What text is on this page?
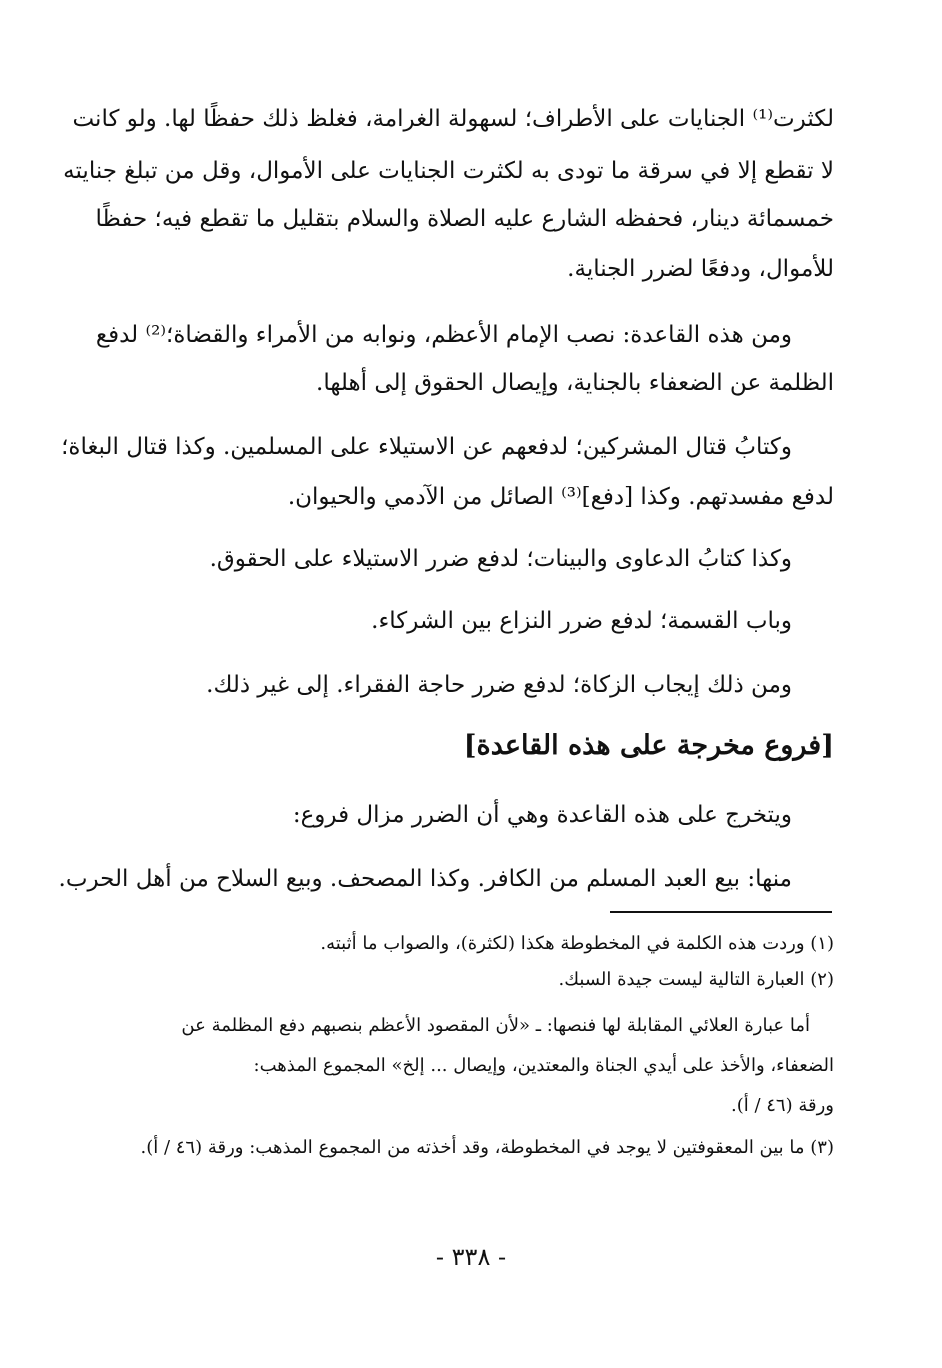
لكثرت⁽¹⁾ الجنايات على الأطراف؛ لسهولة الغرامة، فغلظ ذلك حفظًا لها. ولو كانت
لا تقطع إلا في سرقة ما تودى به لكثرت الجنايات على الأموال، وقل من تبلغ جنايته
خمسمائة دينار، فحفظه الشارع عليه الصلاة والسلام بتقليل ما تقطع فيه؛ حفظًا
للأموال، ودفعًا لضرر الجناية.
ومن هذه القاعدة: نصب الإمام الأعظم، ونوابه من الأمراء والقضاة؛⁽²⁾ لدفع
الظلمة عن الضعفاء بالجناية، وإيصال الحقوق إلى أهلها.
وكتابُ قتال المشركين؛ لدفعهم عن الاستيلاء على المسلمين. وكذا قتال البغاة؛
لدفع مفسدتهم. وكذا [دفع]⁽³⁾ الصائل من الآدمي والحيوان.
وكذا كتابُ الدعاوى والبينات؛ لدفع ضرر الاستيلاء على الحقوق.
وباب القسمة؛ لدفع ضرر النزاع بين الشركاء.
ومن ذلك إيجاب الزكاة؛ لدفع ضرر حاجة الفقراء. إلى غير ذلك.
[فروع مخرجة على هذه القاعدة]
ويتخرج على هذه القاعدة وهي أن الضرر مزال فروع:
منها: بيع العبد المسلم من الكافر. وكذا المصحف. وبيع السلاح من أهل الحرب.
(١) وردت هذه الكلمة في المخطوطة هكذا (لكثرة)، والصواب ما أثبته.
(٢) العبارة التالية ليست جيدة السبك.
أما عبارة العلائي المقابلة لها فنصها: ـ «لأن المقصود الأعظم بنصبهم دفع المظلمة عن
الضعفاء، والأخذ على أيدي الجناة والمعتدين، وإيصال ... إلخ» المجموع المذهب:
ورقة (٤٦ / أ).
(٣) ما بين المعقوفتين لا يوجد في المخطوطة، وقد أخذته من المجموع المذهب: ورقة (٤٦ / أ).
- ٣٣٨ -
